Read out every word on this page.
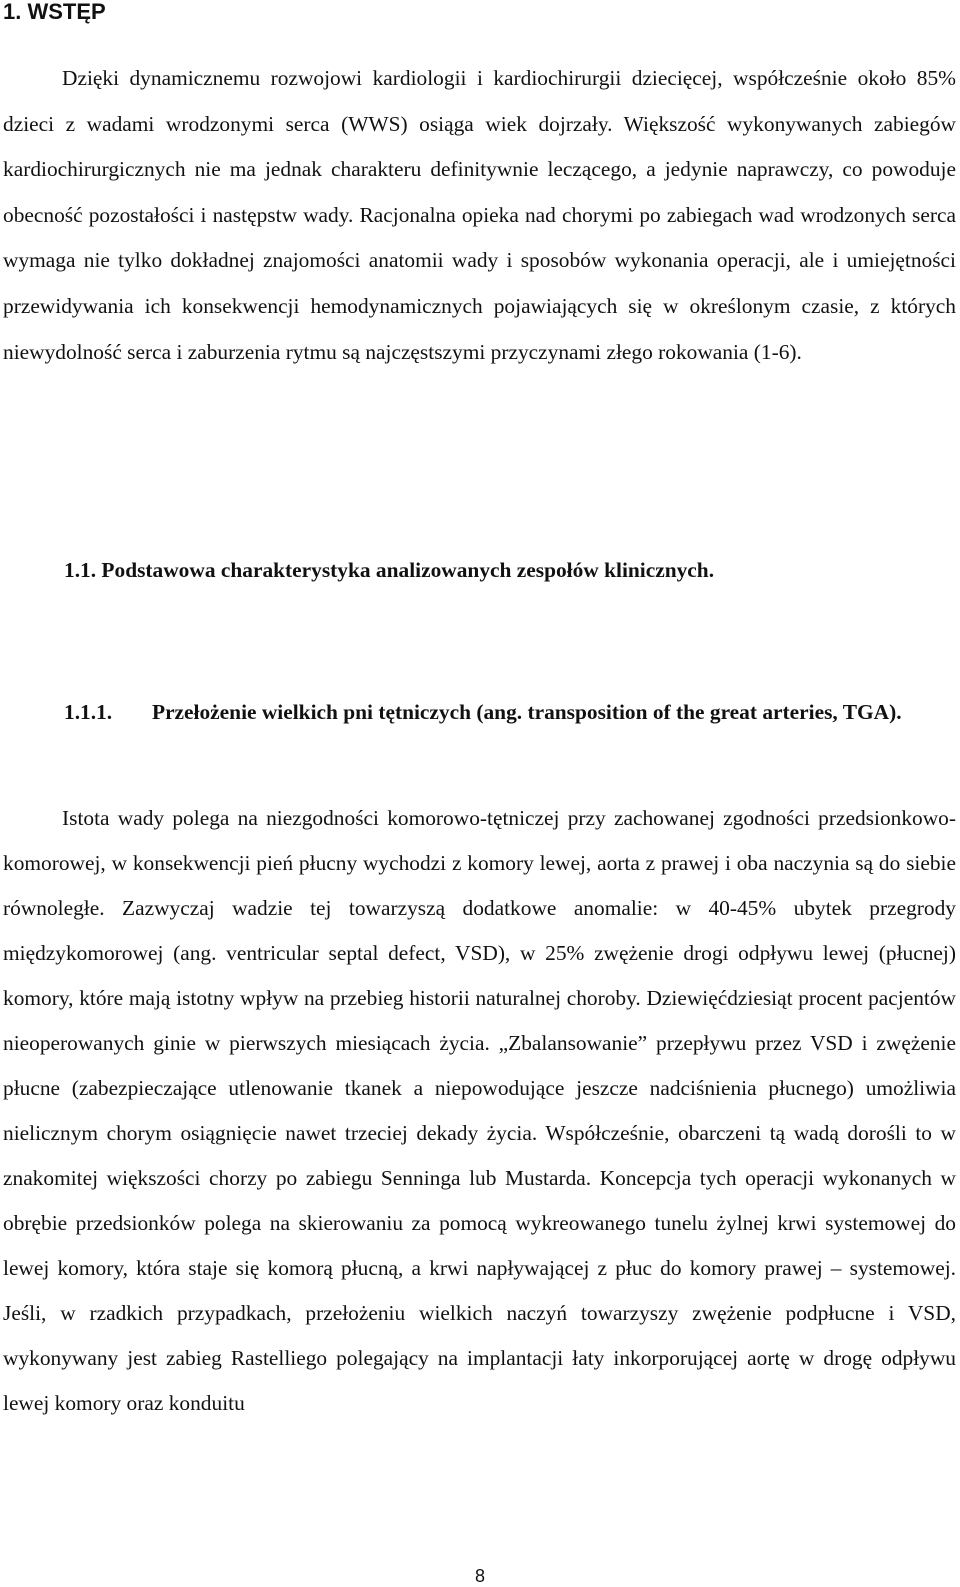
1. WSTĘP

Dzięki dynamicznemu rozwojowi kardiologii i kardiochirurgii dziecięcej, współcześnie około 85% dzieci z wadami wrodzonymi serca (WWS) osiąga wiek dojrzały. Większość wykonywanych zabiegów kardiochirurgicznych nie ma jednak charakteru definitywnie leczącego, a jedynie naprawczy, co powoduje obecność pozostałości i następstw wady. Racjonalna opieka nad chorymi po zabiegach wad wrodzonych serca wymaga nie tylko dokładnej znajomości anatomii wady i sposobów wykonania operacji, ale i umiejętności przewidywania ich konsekwencji hemodynamicznych pojawiających się w określonym czasie, z których niewydolność serca i zaburzenia rytmu są najczęstszymi przyczynami złego rokowania (1-6).

1.1. Podstawowa charakterystyka analizowanych zespołów klinicznych.
1.1.1. Przełożenie wielkich pni tętniczych (ang. transposition of the great arteries, TGA).

Istota wady polega na niezgodności komorowo-tętniczej przy zachowanej zgodności przedsionkowo-komorowej, w konsekwencji pień płucny wychodzi z komory lewej, aorta z prawej i oba naczynia są do siebie równoległe. Zazwyczaj wadzie tej towarzyszą dodatkowe anomalie: w 40-45% ubytek przegrody międzykomorowej (ang. ventricular septal defect, VSD), w 25% zwężenie drogi odpływu lewej (płucnej) komory, które mają istotny wpływ na przebieg historii naturalnej choroby. Dziewięćdziesiąt procent pacjentów nieoperowanych ginie w pierwszych miesiącach życia. „Zbalansowanie” przepływu przez VSD i zwężenie płucne (zabezpieczające utlenowanie tkanek a niepowodujące jeszcze nadciśnienia płucnego) umożliwia nielicznym chorym osiągnięcie nawet trzeciej dekady życia. Współcześnie, obarczeni tą wadą dorośli to w znakomitej większości chorzy po zabiegu Senninga lub Mustarda. Koncepcja tych operacji wykonanych w obrębie przedsionków polega na skierowaniu za pomocą wykreowanego tunelu żylnej krwi systemowej do lewej komory, która staje się komorą płucną, a krwi napływającej z płuc do komory prawej – systemowej. Jeśli, w rzadkich przypadkach, przełożeniu wielkich naczyń towarzyszy zwężenie podpłucne i VSD, wykonywany jest zabieg Rastelliego polegający na implantacji łaty inkorporującej aortę w drogę odpływu lewej komory oraz konduitu

8
